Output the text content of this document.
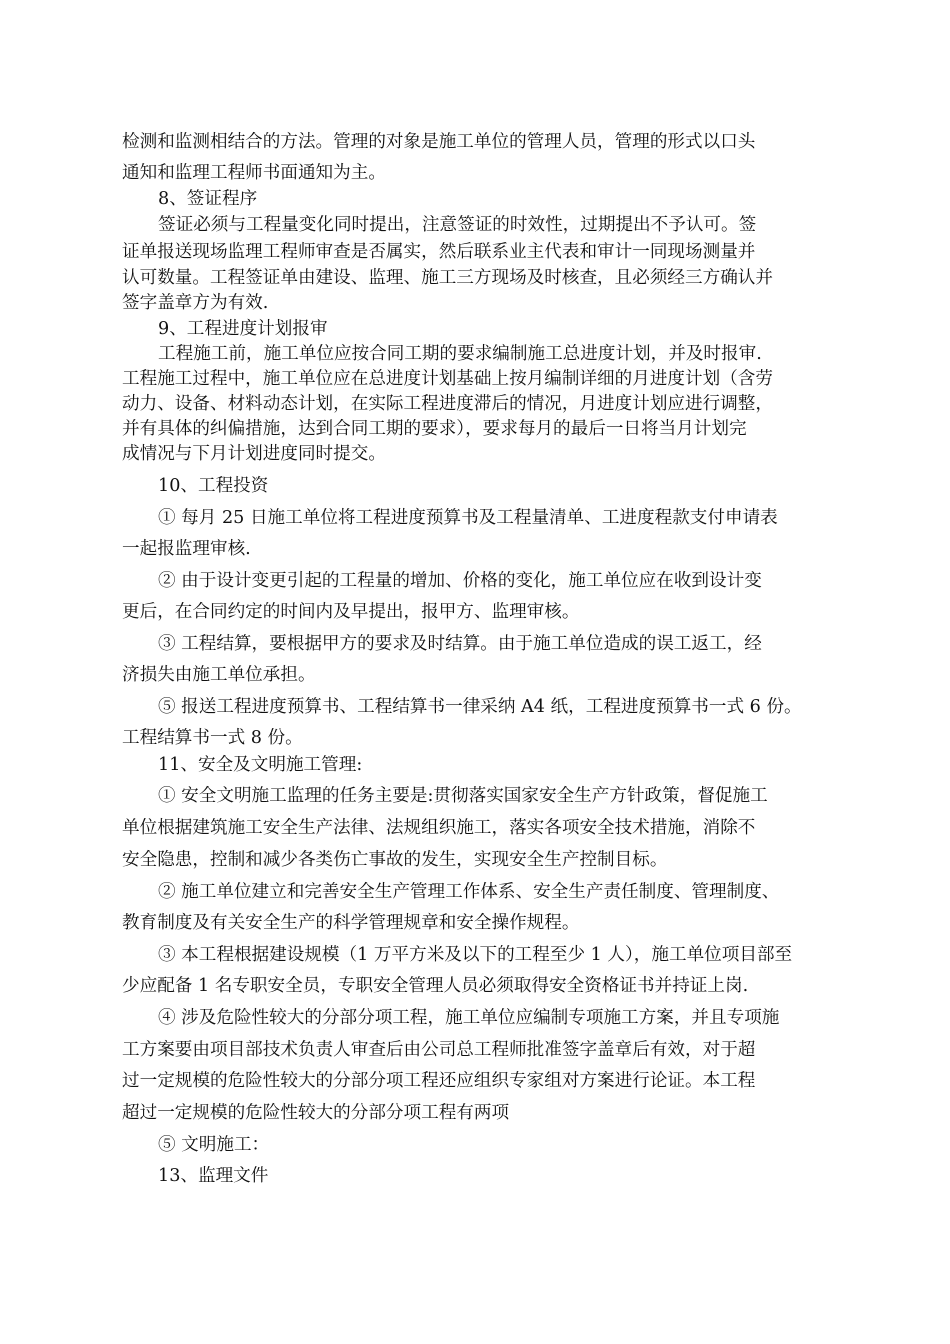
检测和监测相结合的方法。管理的对象是施工单位的管理人员，管理的形式以口头
通知和监理工程师书面通知为主。
8、签证程序
签证必须与工程量变化同时提出，注意签证的时效性，过期提出不予认可。签
证单报送现场监理工程师审查是否属实，然后联系业主代表和审计一同现场测量并
认可数量。工程签证单由建设、监理、施工三方现场及时核查，且必须经三方确认并
签字盖章方为有效.
9、工程进度计划报审
工程施工前，施工单位应按合同工期的要求编制施工总进度计划，并及时报审.
工程施工过程中，施工单位应在总进度计划基础上按月编制详细的月进度计划（含劳
动力、设备、材料动态计划，在实际工程进度滞后的情况，月进度计划应进行调整，
并有具体的纠偏措施，达到合同工期的要求），要求每月的最后一日将当月计划完
成情况与下月计划进度同时提交。
10、工程投资
① 每月 25 日施工单位将工程进度预算书及工程量清单、工进度程款支付申请表
一起报监理审核.
② 由于设计变更引起的工程量的增加、价格的变化，施工单位应在收到设计变
更后，在合同约定的时间内及早提出，报甲方、监理审核。
③ 工程结算，要根据甲方的要求及时结算。由于施工单位造成的误工返工，经
济损失由施工单位承担。
⑤ 报送工程进度预算书、工程结算书一律采纳 A4 纸，工程进度预算书一式 6 份。
工程结算书一式 8 份。
11、安全及文明施工管理:
① 安全文明施工监理的任务主要是:贯彻落实国家安全生产方针政策，督促施工
单位根据建筑施工安全生产法律、法规组织施工，落实各项安全技术措施，消除不
安全隐患，控制和减少各类伤亡事故的发生，实现安全生产控制目标。
② 施工单位建立和完善安全生产管理工作体系、安全生产责任制度、管理制度、
教育制度及有关安全生产的科学管理规章和安全操作规程。
③ 本工程根据建设规模（1 万平方米及以下的工程至少 1 人），施工单位项目部至
少应配备 1 名专职安全员，专职安全管理人员必须取得安全资格证书并持证上岗.
④ 涉及危险性较大的分部分项工程，施工单位应编制专项施工方案，并且专项施
工方案要由项目部技术负责人审查后由公司总工程师批准签字盖章后有效，对于超
过一定规模的危险性较大的分部分项工程还应组织专家组对方案进行论证。本工程
超过一定规模的危险性较大的分部分项工程有两项
⑤ 文明施工：
13、监理文件
